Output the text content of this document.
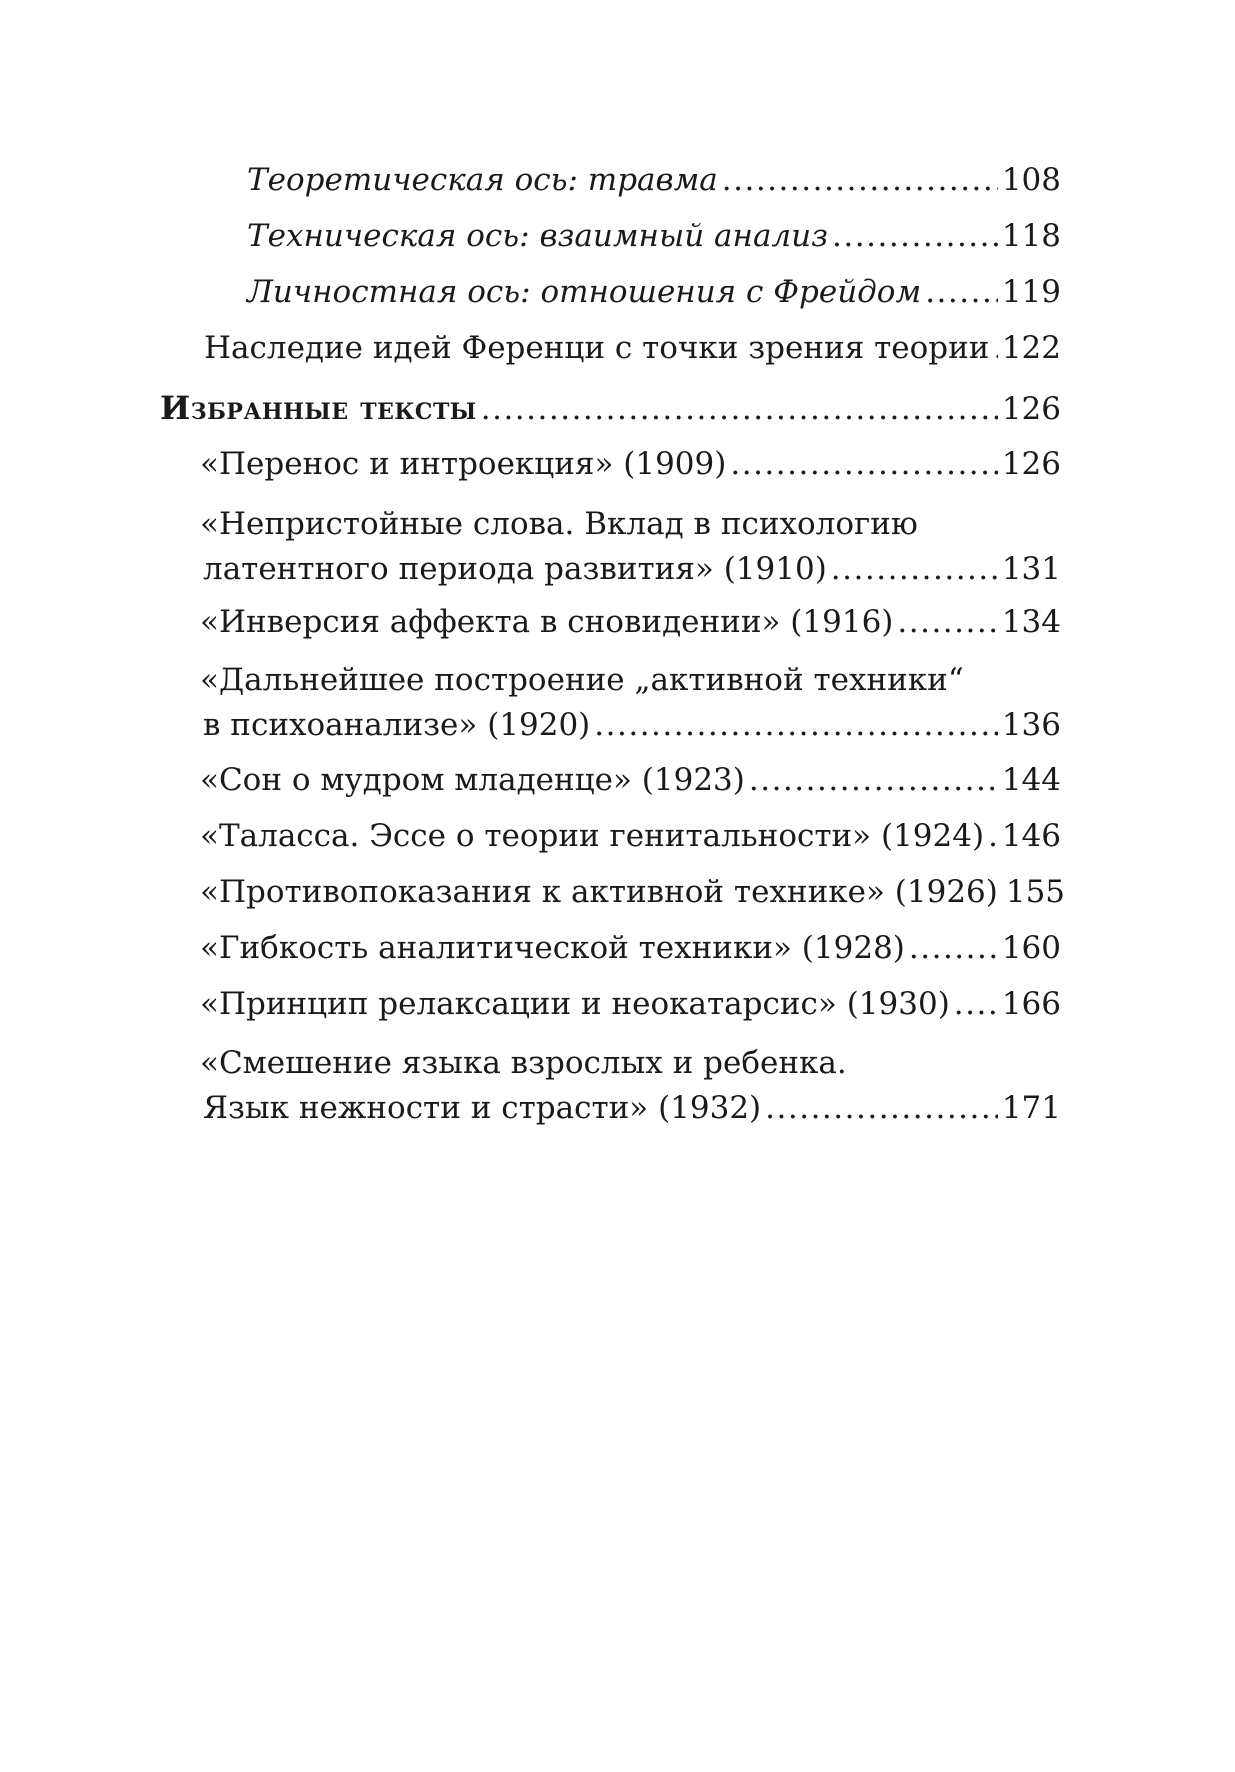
Теоретическая ось: травма .....	108
Техническая ось: взаимный анализ .....	118
Личностная ось: отношения с Фрейдом .....	119
Наследие идей Ференци с точки зрения теории ..... 122
Избранные тексты .....	126
«Перенос и интроекция» (1909) .....	126
«Непристойные слова. Вклад в психологию
латентного периода развития» (1910) .....	131
«Инверсия аффекта в сновидении» (1916) .....	134
«Дальнейшее построение „активной техники“
в психоанализе» (1920) .....	136
«Сон о мудром младенце» (1923) .....	144
«Таласса. Эссе о теории генитальности» (1924) ..... 146
«Противопоказания к активной технике» (1926) 155
«Гибкость аналитической техники» (1928) .....	160
«Принцип релаксации и неокатарсис» (1930) ..... 166
«Смешение языка взрослых и ребенка.
Язык нежности и страсти» (1932) .....	171
